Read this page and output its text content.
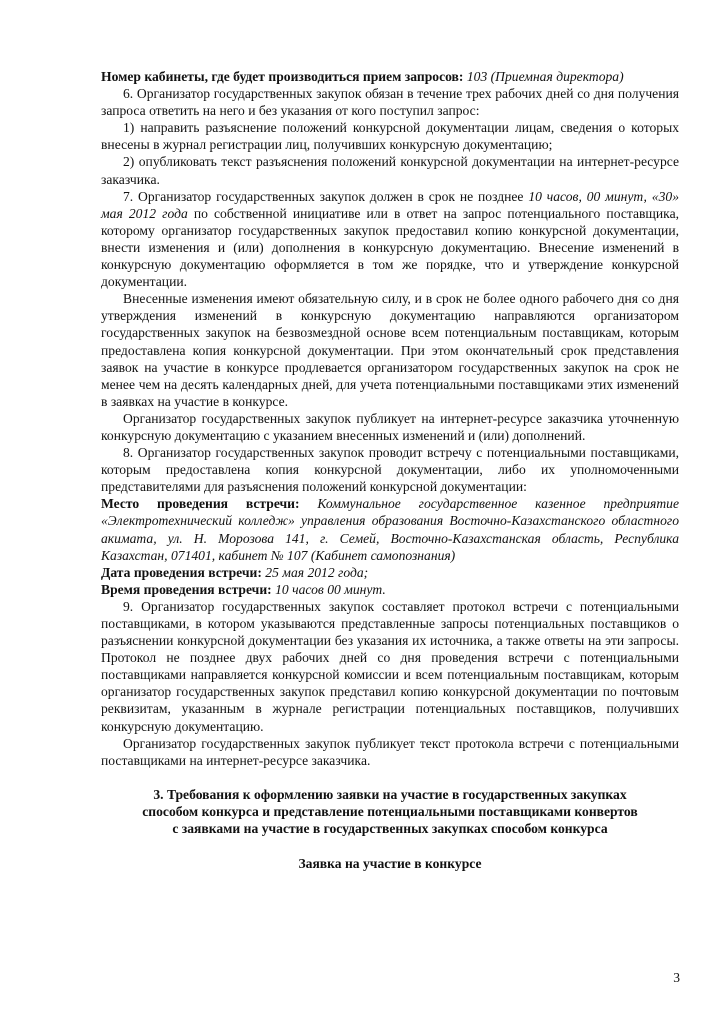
Номер кабинеты, где будет производиться прием запросов: 103 (Приемная директора)

6. Организатор государственных закупок обязан в течение трех рабочих дней со дня получения запроса ответить на него и без указания от кого поступил запрос:

1) направить разъяснение положений конкурсной документации лицам, сведения о которых внесены в журнал регистрации лиц, получивших конкурсную документацию;

2) опубликовать текст разъяснения положений конкурсной документации на интернет-ресурсе заказчика.

7. Организатор государственных закупок должен в срок не позднее 10 часов, 00 минут, «30» мая 2012 года по собственной инициативе или в ответ на запрос потенциального поставщика, которому организатор государственных закупок предоставил копию конкурсной документации, внести изменения и (или) дополнения в конкурсную документацию. Внесение изменений в конкурсную документацию оформляется в том же порядке, что и утверждение конкурсной документации.

Внесенные изменения имеют обязательную силу, и в срок не более одного рабочего дня со дня утверждения изменений в конкурсную документацию направляются организатором государственных закупок на безвозмездной основе всем потенциальным поставщикам, которым предоставлена копия конкурсной документации. При этом окончательный срок представления заявок на участие в конкурсе продлевается организатором государственных закупок на срок не менее чем на десять календарных дней, для учета потенциальными поставщиками этих изменений в заявках на участие в конкурсе.

Организатор государственных закупок публикует на интернет-ресурсе заказчика уточненную конкурсную документацию с указанием внесенных изменений и (или) дополнений.

8. Организатор государственных закупок проводит встречу с потенциальными поставщиками, которым предоставлена копия конкурсной документации, либо их уполномоченными представителями для разъяснения положений конкурсной документации:

Место проведения встречи: Коммунальное государственное казенное предприятие «Электротехнический колледж» управления образования Восточно-Казахстанского областного акимата, ул. Н. Морозова 141, г. Семей, Восточно-Казахстанская область, Республика Казахстан, 071401, кабинет № 107 (Кабинет самопознания)

Дата проведения встречи: 25 мая 2012 года;

Время проведения встречи: 10 часов 00 минут.

9. Организатор государственных закупок составляет протокол встречи с потенциальными поставщиками, в котором указываются представленные запросы потенциальных поставщиков о разъяснении конкурсной документации без указания их источника, а также ответы на эти запросы. Протокол не позднее двух рабочих дней со дня проведения встречи с потенциальными поставщиками направляется конкурсной комиссии и всем потенциальным поставщикам, которым организатор государственных закупок представил копию конкурсной документации по почтовым реквизитам, указанным в журнале регистрации потенциальных поставщиков, получивших конкурсную документацию.

Организатор государственных закупок публикует текст протокола встречи с потенциальными поставщиками на интернет-ресурсе заказчика.

3. Требования к оформлению заявки на участие в государственных закупках способом конкурса и представление потенциальными поставщиками конвертов с заявками на участие в государственных закупках способом конкурса

Заявка на участие в конкурсе

3
